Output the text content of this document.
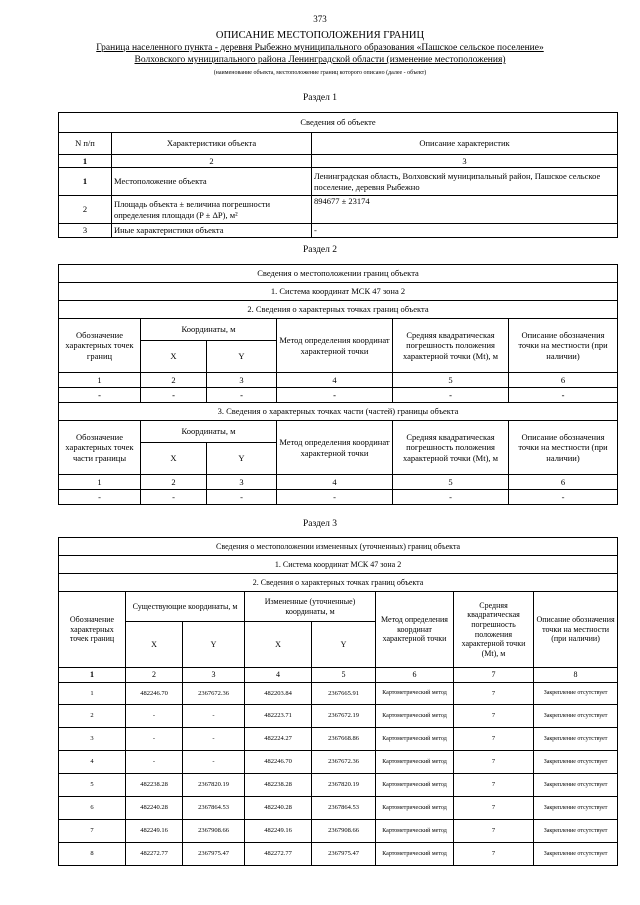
373
ОПИСАНИЕ МЕСТОПОЛОЖЕНИЯ ГРАНИЦ
Граница населенного пункта - деревня Рыбежно муниципального образования «Пашское сельское поселение»
Волховского муниципального района Ленинградской области (изменение местоположения)
(наименование объекта, местоположение границ которого описано (далее - объект)
Раздел 1
Сведения об объекте		
N п/п	Характеристики объекта	Описание характеристик
1	2	3
1	Местоположение объекта	Ленинградская область, Волховский муниципальный район, Пашское сельское поселение, деревня Рыбежно
2	Площадь объекта ± величина погрешности определения площади (P ± ΔP), м²	894677 ± 23174
3	Иные характеристики объекта	-
Раздел 2
Сведения о местоположении границ объекта					
1. Система координат МСК 47 зона 2					
2. Сведения о характерных точках границ объекта					
Обозначение характерных точек границ	Координаты, м		Метод определения координат характерной точки	Средняя квадратическая погрешность положения характерной точки (Mt), м	Описание обозначения точки на местности (при наличии)
	X	Y			
1	2	3	4	5	6
-	-	-	-	-	-
3. Сведения о характерных точках части (частей) границы объекта					
Обозначение характерных точек части границы	Координаты, м		Метод определения координат характерной точки	Средняя квадратическая погрешность положения характерной точки (Mt), м	Описание обозначения точки на местности (при наличии)
	X	Y			
1	2	3	4	5	6
-	-	-	-	-	-
Раздел 3
Сведения о местоположении измененных (уточненных) границ объекта							
1. Система координат МСК 47 зона 2							
2. Сведения о характерных точках границ объекта							
Обозначение характерных точек границ	Существующие координаты, м		Измененные (уточненные) координаты, м		Метод определения координат характерной точки	Средняя квадратическая погрешность положения характерной точки (Mt), м	Описание обозначения точки на местности (при наличии)
	X	Y	X	Y			
1	2	3	4	5	6	7	8
1	482246.70	2367672.36	482203.84	2367665.91	Картометрический метод	7	Закрепление отсутствует
2	-	-	482223.71	2367672.19	Картометрический метод	7	Закрепление отсутствует
3	-	-	482224.27	2367668.86	Картометрический метод	7	Закрепление отсутствует
4	-	-	482246.70	2367672.36	Картометрический метод	7	Закрепление отсутствует
5	482238.28	2367820.19	482238.28	2367820.19	Картометрический метод	7	Закрепление отсутствует
6	482240.28	2367864.53	482240.28	2367864.53	Картометрический метод	7	Закрепление отсутствует
7	482249.16	2367908.66	482249.16	2367908.66	Картометрический метод	7	Закрепление отсутствует
8	482272.77	2367975.47	482272.77	2367975.47	Картометрический метод	7	Закрепление отсутствует
